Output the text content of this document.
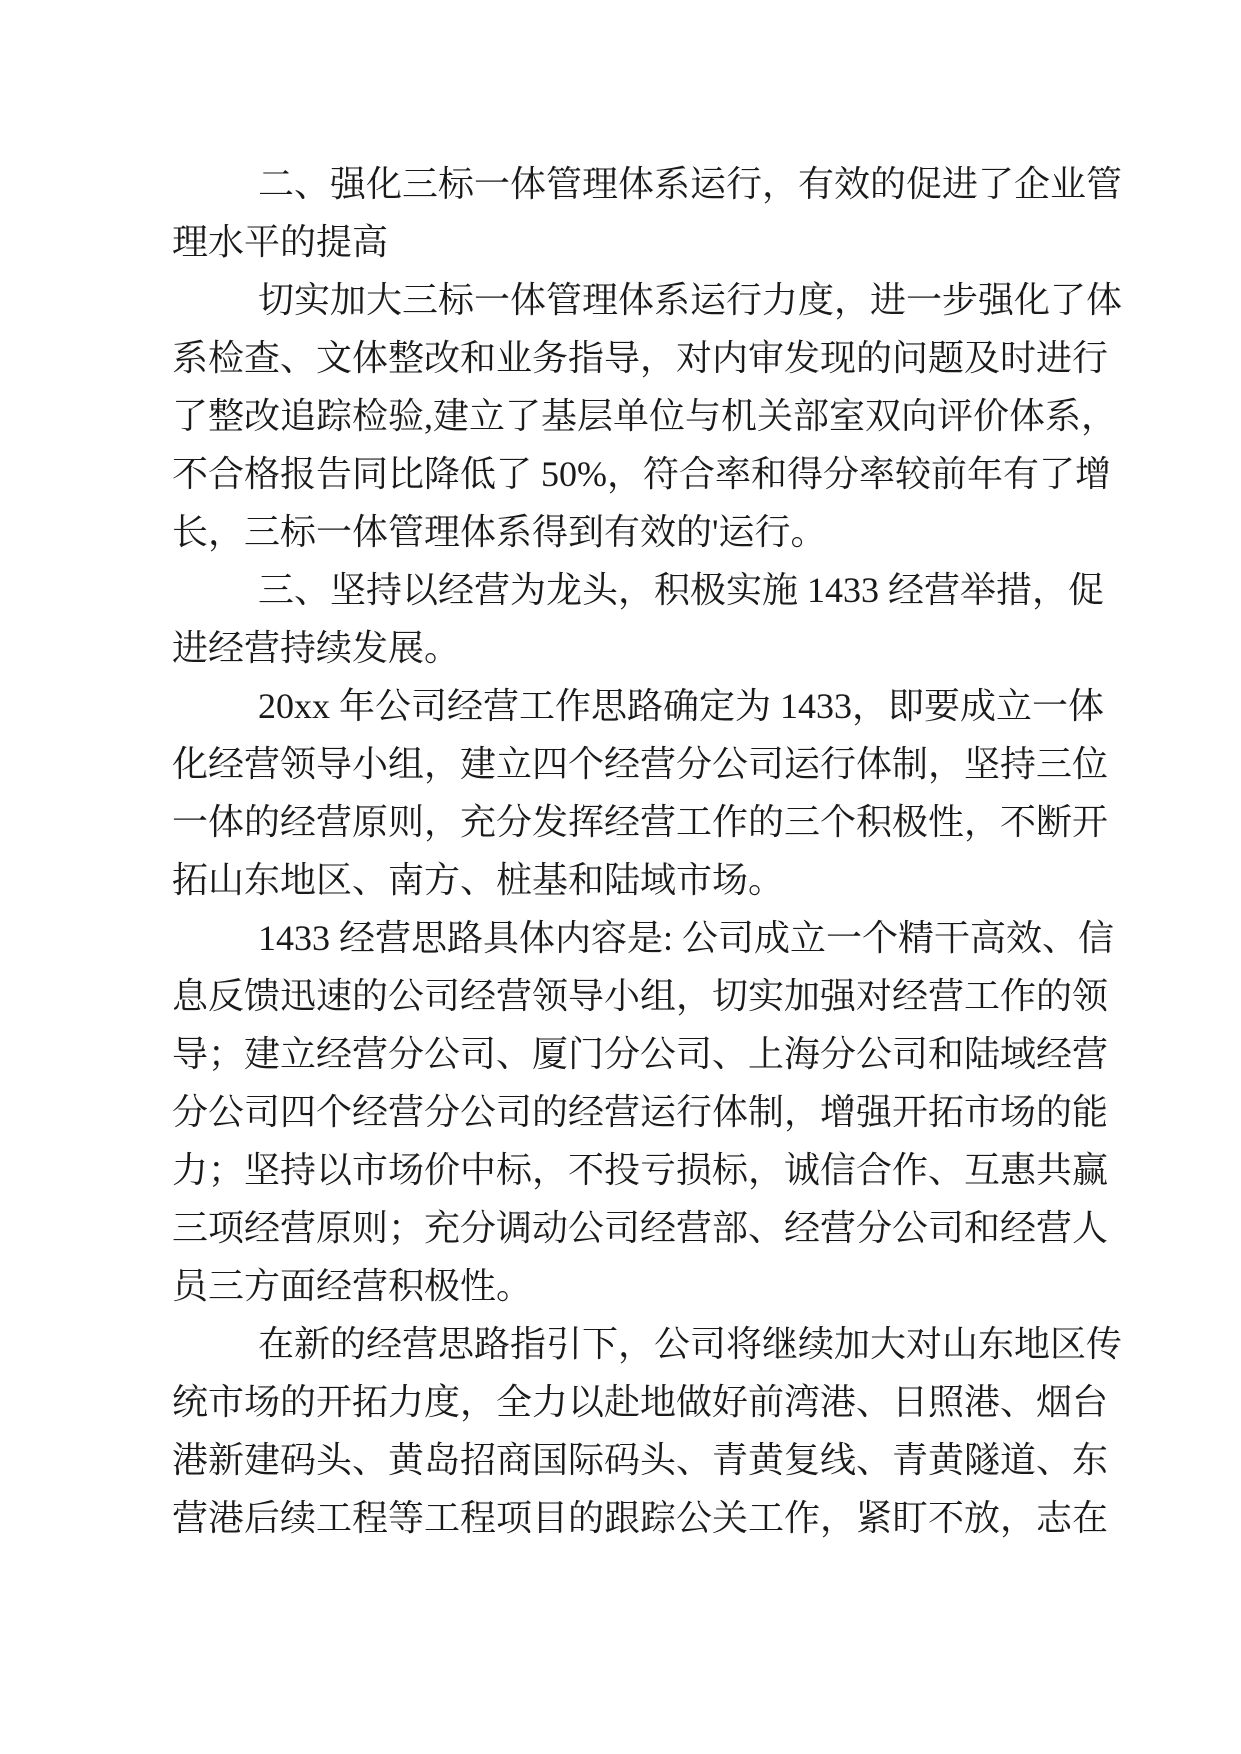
二、强化三标一体管理体系运行，有效的促进了企业管
理水平的提高
切实加大三标一体管理体系运行力度，进一步强化了体
系检查、文体整改和业务指导，对内审发现的问题及时进行
了整改追踪检验,建立了基层单位与机关部室双向评价体系，
不合格报告同比降低了 50%，符合率和得分率较前年有了增
长，三标一体管理体系得到有效的'运行。
三、坚持以经营为龙头，积极实施 1433 经营举措，促
进经营持续发展。
20xx 年公司经营工作思路确定为 1433，即要成立一体
化经营领导小组，建立四个经营分公司运行体制，坚持三位
一体的经营原则，充分发挥经营工作的三个积极性，不断开
拓山东地区、南方、桩基和陆域市场。
1433 经营思路具体内容是: 公司成立一个精干高效、信
息反馈迅速的公司经营领导小组，切实加强对经营工作的领
导；建立经营分公司、厦门分公司、上海分公司和陆域经营
分公司四个经营分公司的经营运行体制，增强开拓市场的能
力；坚持以市场价中标，不投亏损标，诚信合作、互惠共赢
三项经营原则；充分调动公司经营部、经营分公司和经营人
员三方面经营积极性。
在新的经营思路指引下，公司将继续加大对山东地区传
统市场的开拓力度，全力以赴地做好前湾港、日照港、烟台
港新建码头、黄岛招商国际码头、青黄复线、青黄隧道、东
营港后续工程等工程项目的跟踪公关工作，紧盯不放，志在
